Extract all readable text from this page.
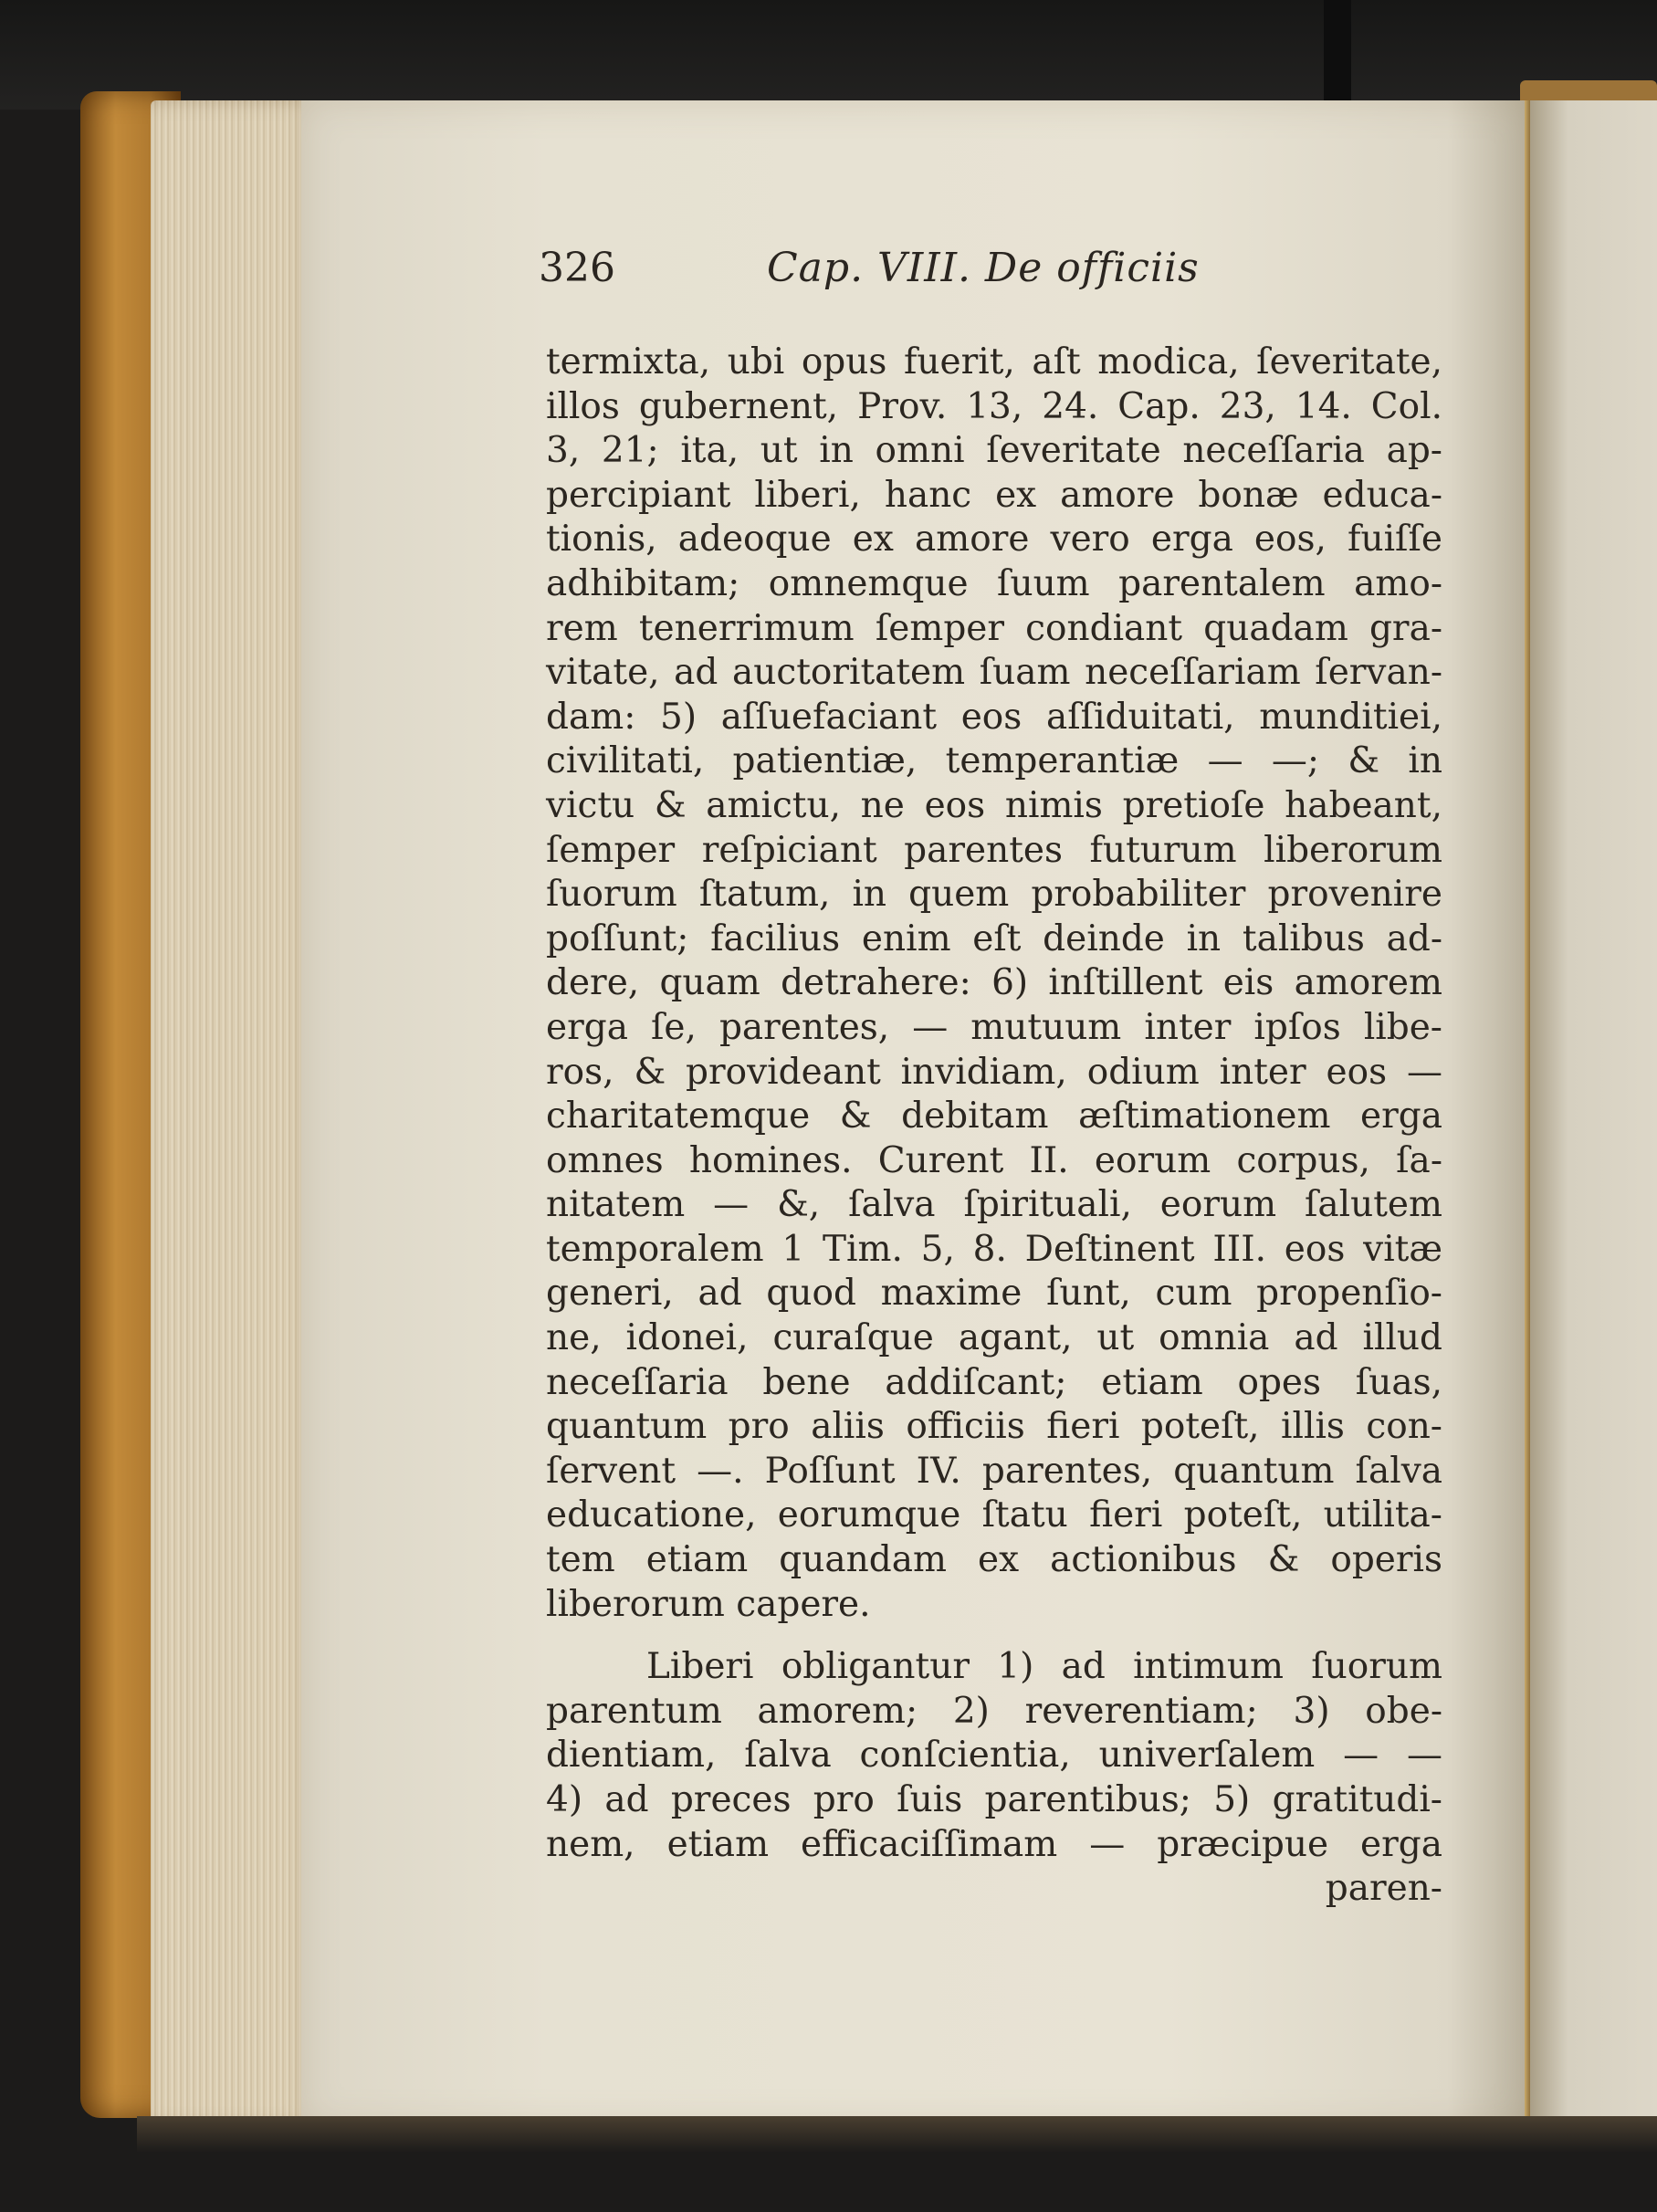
326	Cap. VIII. De officiis
termixta, ubi opus fuerit, aſt modica, ſeveritate,
illos gubernent, Prov. 13, 24. Cap. 23, 14. Col.
3, 21; ita, ut in omni ſeveritate neceſſaria ap-
percipiant liberi, hanc ex amore bonæ educa-
tionis, adeoque ex amore vero erga eos, fuiſſe
adhibitam; omnemque ſuum parentalem amo-
rem tenerrimum ſemper condiant quadam gra-
vitate, ad auctoritatem ſuam neceſſariam ſervan-
dam: 5) aſſuefaciant eos aſſiduitati, munditiei,
civilitati, patientiæ, temperantiæ — —; & in
victu & amictu, ne eos nimis pretioſe habeant,
ſemper reſpiciant parentes futurum liberorum
ſuorum ſtatum, in quem probabiliter provenire
poſſunt; facilius enim eſt deinde in talibus ad-
dere, quam detrahere: 6) inſtillent eis amorem
erga ſe, parentes, — mutuum inter ipſos libe-
ros, & provideant invidiam, odium inter eos —
charitatemque & debitam æſtimationem erga
omnes homines. Curent II. eorum corpus, ſa-
nitatem — &, ſalva ſpirituali, eorum ſalutem
temporalem 1 Tim. 5, 8. Deſtinent III. eos vitæ
generi, ad quod maxime ſunt, cum propenſio-
ne, idonei, curaſque agant, ut omnia ad illud
neceſſaria bene addiſcant; etiam opes ſuas,
quantum pro aliis officiis fieri poteſt, illis con-
ſervent —. Poſſunt IV. parentes, quantum ſalva
educatione, eorumque ſtatu fieri poteſt, utilita-
tem etiam quandam ex actionibus & operis
liberorum capere.
Liberi obligantur 1) ad intimum ſuorum
parentum amorem; 2) reverentiam; 3) obe-
dientiam, ſalva conſcientia, univerſalem — —
4) ad preces pro ſuis parentibus; 5) gratitudi-
nem, etiam efficaciſſimam — præcipue erga
paren-
